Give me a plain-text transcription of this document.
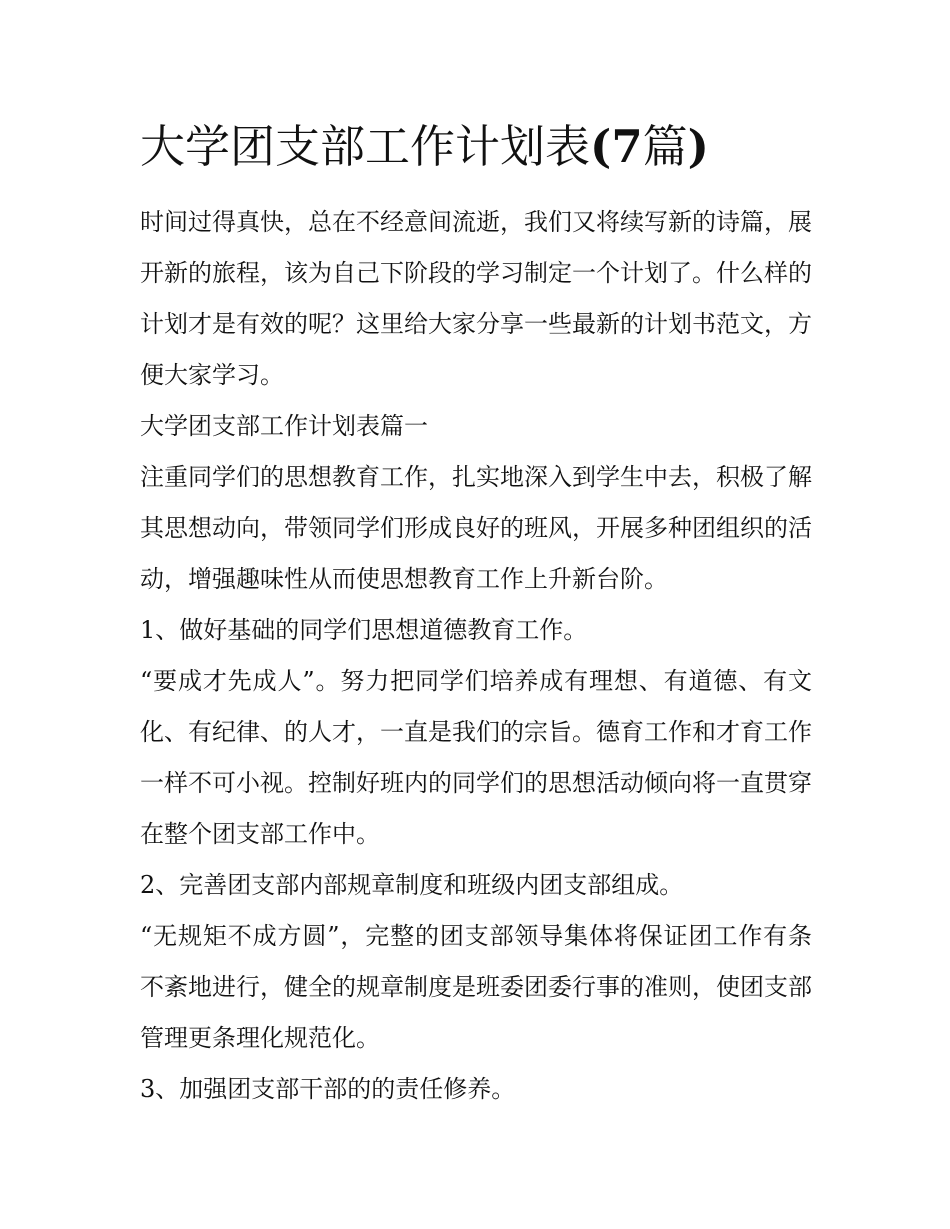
大学团支部工作计划表(7篇)

时间过得真快，总在不经意间流逝，我们又将续写新的诗篇，展开新的旅程，该为自己下阶段的学习制定一个计划了。什么样的计划才是有效的呢？这里给大家分享一些最新的计划书范文，方便大家学习。

大学团支部工作计划表篇一

注重同学们的思想教育工作，扎实地深入到学生中去，积极了解其思想动向，带领同学们形成良好的班风，开展多种团组织的活动，增强趣味性从而使思想教育工作上升新台阶。

1、做好基础的同学们思想道德教育工作。

“要成才先成人”。努力把同学们培养成有理想、有道德、有文化、有纪律、的人才，一直是我们的宗旨。德育工作和才育工作一样不可小视。控制好班内的同学们的思想活动倾向将一直贯穿在整个团支部工作中。

2、完善团支部内部规章制度和班级内团支部组成。

“无规矩不成方圆”，完整的团支部领导集体将保证团工作有条不紊地进行，健全的规章制度是班委团委行事的准则，使团支部管理更条理化规范化。

3、加强团支部干部的的责任修养。
